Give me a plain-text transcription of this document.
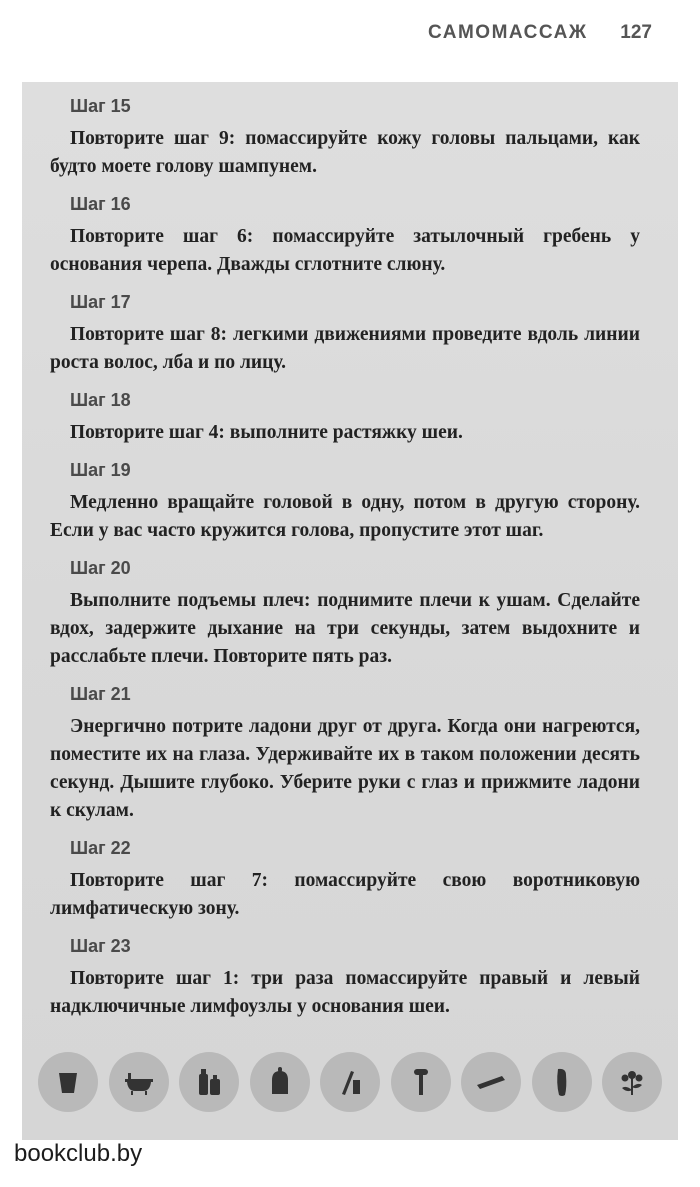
САМОМАССАЖ 127

Шаг 15

Повторите шаг 9: помассируйте кожу головы пальцами, как будто моете голову шампунем.

Шаг 16

Повторите шаг 6: помассируйте затылочный гребень у основания черепа. Дважды сглотните слюну.

Шаг 17

Повторите шаг 8: легкими движениями проведите вдоль линии роста волос, лба и по лицу.

Шаг 18

Повторите шаг 4: выполните растяжку шеи.

Шаг 19

Медленно вращайте головой в одну, потом в другую сторону. Если у вас часто кружится голова, пропустите этот шаг.

Шаг 20

Выполните подъемы плеч: поднимите плечи к ушам. Сделайте вдох, задержите дыхание на три секунды, затем выдохните и расслабьте плечи. Повторите пять раз.

Шаг 21

Энергично потрите ладони друг от друга. Когда они нагреются, поместите их на глаза. Удерживайте их в таком положении десять секунд. Дышите глубоко. Уберите руки с глаз и прижмите ладони к скулам.

Шаг 22

Повторите шаг 7: помассируйте свою воротниковую лимфатическую зону.

Шаг 23

Повторите шаг 1: три раза помассируйте правый и левый надключичные лимфоузлы у основания шеи.

bookclub.by
